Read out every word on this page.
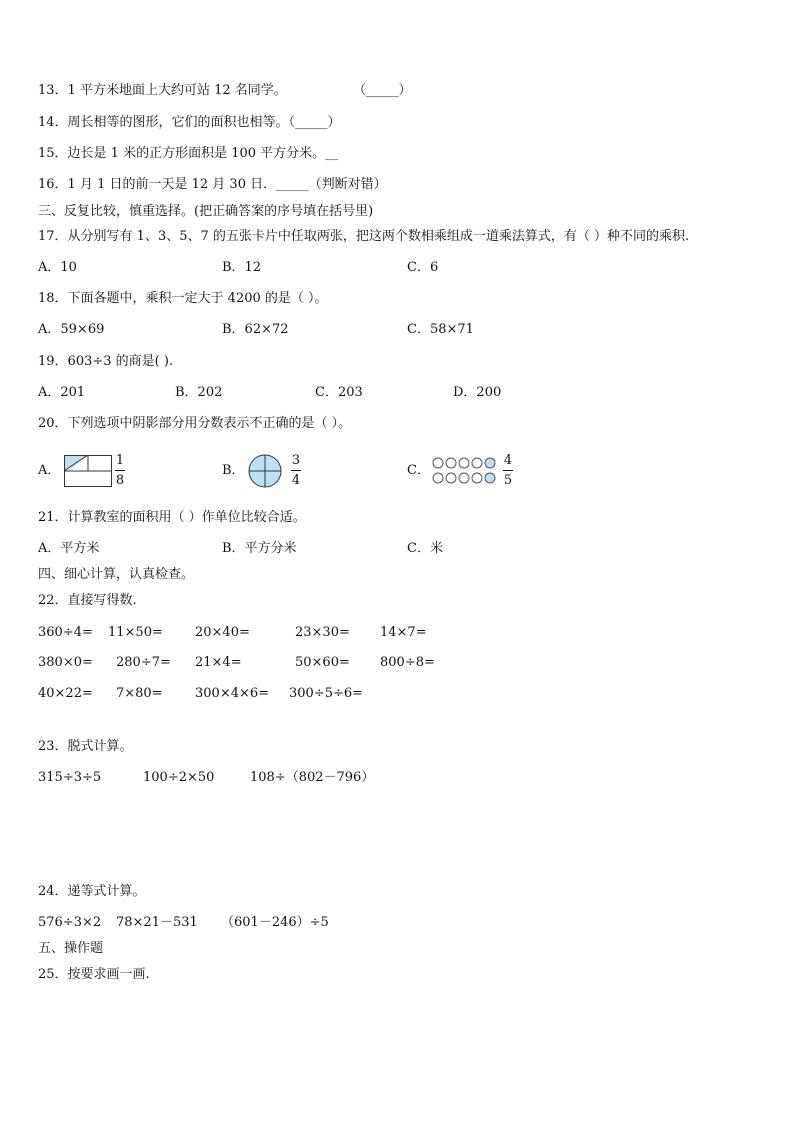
13．1 平方米地面上大约可站 12 名同学。	（_____）
14．周长相等的图形，它们的面积也相等。（_____）
15．边长是 1 米的正方形面积是 100 平方分米。__
16．1 月 1 日的前一天是 12 月 30 日．_____（判断对错）
三、反复比较，慎重选择。(把正确答案的序号填在括号里)
17．从分别写有 1、3、5、7 的五张卡片中任取两张，把这两个数相乘组成一道乘法算式，有（ ）种不同的乘积.
A．10	B．12	C．6
18．下面各题中，乘积一定大于 4200 的是（ ）。
A．59×69	B．62×72	C．58×71
19．603÷3 的商是( ).
A．201	B．202	C．203	D．200
20．下列选项中阴影部分用分数表示不正确的是（ ）。
A．
1
8
B．
3
4
C．
4
5
21．计算教室的面积用（ ）作单位比较合适。
A．平方米	B．平方分米	C．米
四、细心计算，认真检查。
22．直接写得数.
360÷4= 11×50= 20×40=	23×30= 14×7=
380×0= 280÷7= 21×4=	50×60= 800÷8=
40×22= 7×80= 300×4×6= 300÷5÷6=
23．脱式计算。
315÷3÷5	100÷2×50	108÷（802－796）
24．递等式计算。
576÷3×2 78×21－531 （601－246）÷5
五、操作题
25．按要求画一画.
